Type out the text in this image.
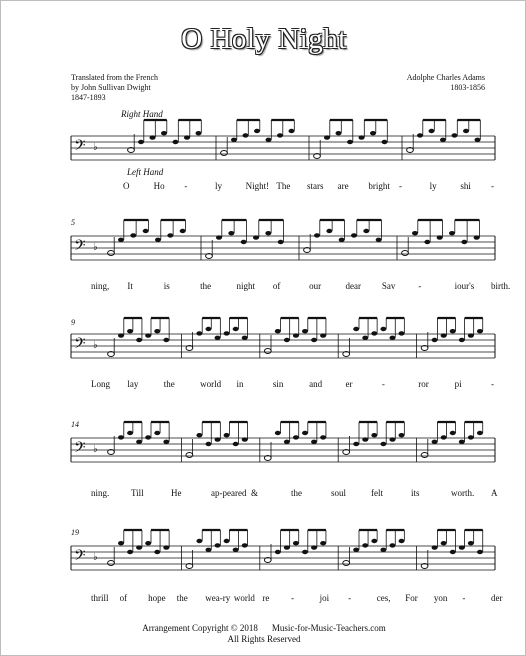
O Holy Night
Translated from the French
by John Sullivan Dwight
1847-1893
Adolphe Charles Adams
1803-1856
Right Hand
Left Hand
𝄢 ♭
𝄢 ♭
𝄢 ♭
𝄢 ♭
𝄢 ♭
5
9
14
19
O	Ho -	ly	Night! The stars are bright -	ly	shi -
ning, It	is	the	night of	our	dear Sav	-	iour's birth.
Long lay	the	world in	sin	and	er	-	ror	pi	-
ning. Till	He	ap-peared &	the	soul	felt	its	worth. A
thrill of hope the wea-ry world re -	joi -	ces, For yon -	der
Arrangement Copyright © 2018 Music-for-Music-Teachers.com
All Rights Reserved
